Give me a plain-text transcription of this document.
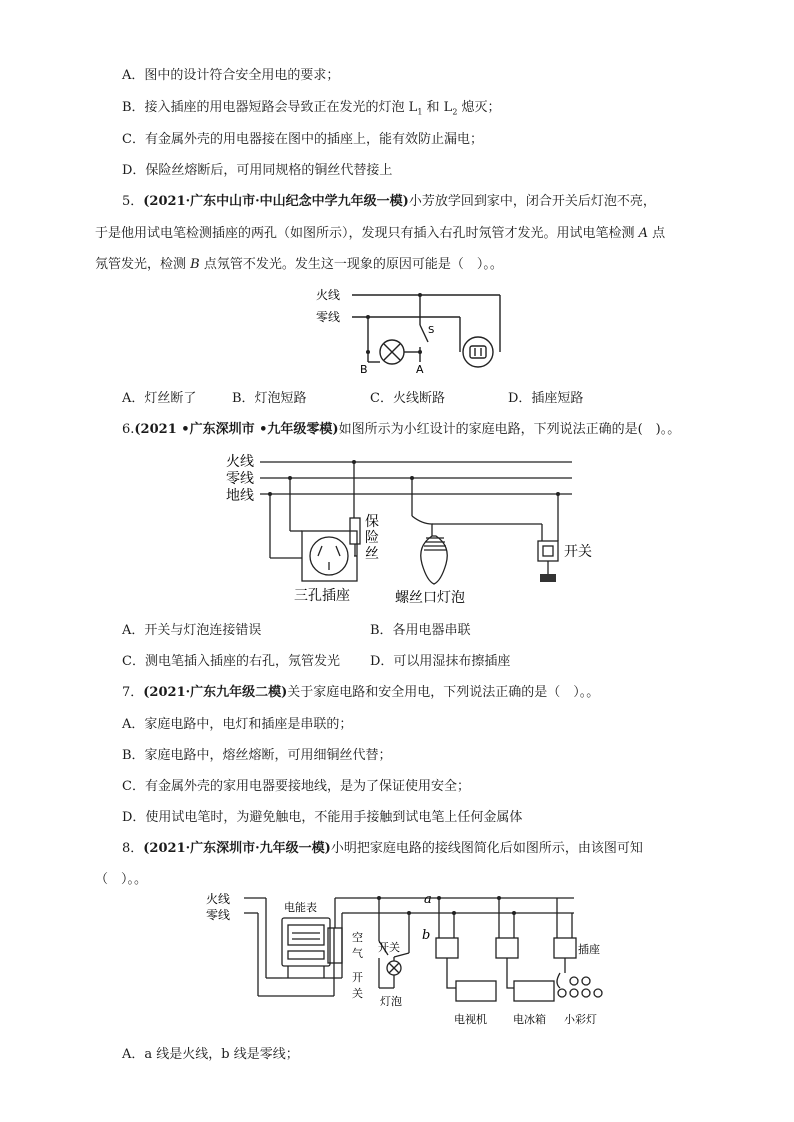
A．图中的设计符合安全用电的要求；
B．接入插座的用电器短路会导致正在发光的灯泡 $L_1$ 和 $L_2$ 熄灭；
C．有金属外壳的用电器接在图中的插座上，能有效防止漏电；
D．保险丝熔断后，可用同规格的铜丝代替接上
5．(2021·广东中山市·中山纪念中学九年级一模)小芳放学回到家中，闭合开关后灯泡不亮，
于是他用试电笔检测插座的两孔（如图所示），发现只有插入右孔时氖管才发光。用试电笔检测 A 点
氖管发光，检测 B 点氖管不发光。发生这一现象的原因可能是（　）。。
火线
零线
S
B	A
A．灯丝断了	B．灯泡短路	C．火线断路	D．插座短路
6.(2021 •广东深圳市 •九年级零模)如图所示为小红设计的家庭电路，下列说法正确的是(　)。。
火线
零线
地线
保
险
丝
三孔插座	螺丝口灯泡
开关
A．开关与灯泡连接错误	B．各用电器串联
C．测电笔插入插座的右孔，氖管发光 D．可以用湿抹布擦插座
7．(2021·广东九年级二模)关于家庭电路和安全用电，下列说法正确的是（　）。。
A．家庭电路中，电灯和插座是串联的；
B．家庭电路中，熔丝熔断，可用细铜丝代替；
C．有金属外壳的家用电器要接地线，是为了保证使用安全；
D．使用试电笔时，为避免触电，不能用手接触到试电笔上任何金属体
8．(2021·广东深圳市·九年级一模)小明把家庭电路的接线图简化后如图所示，由该图可知
（　）。。
火线
零线
电能表
空
气
开
关
开关
灯泡
a
b
电视机 电冰箱
插座
小彩灯
A．a 线是火线，b 线是零线；
